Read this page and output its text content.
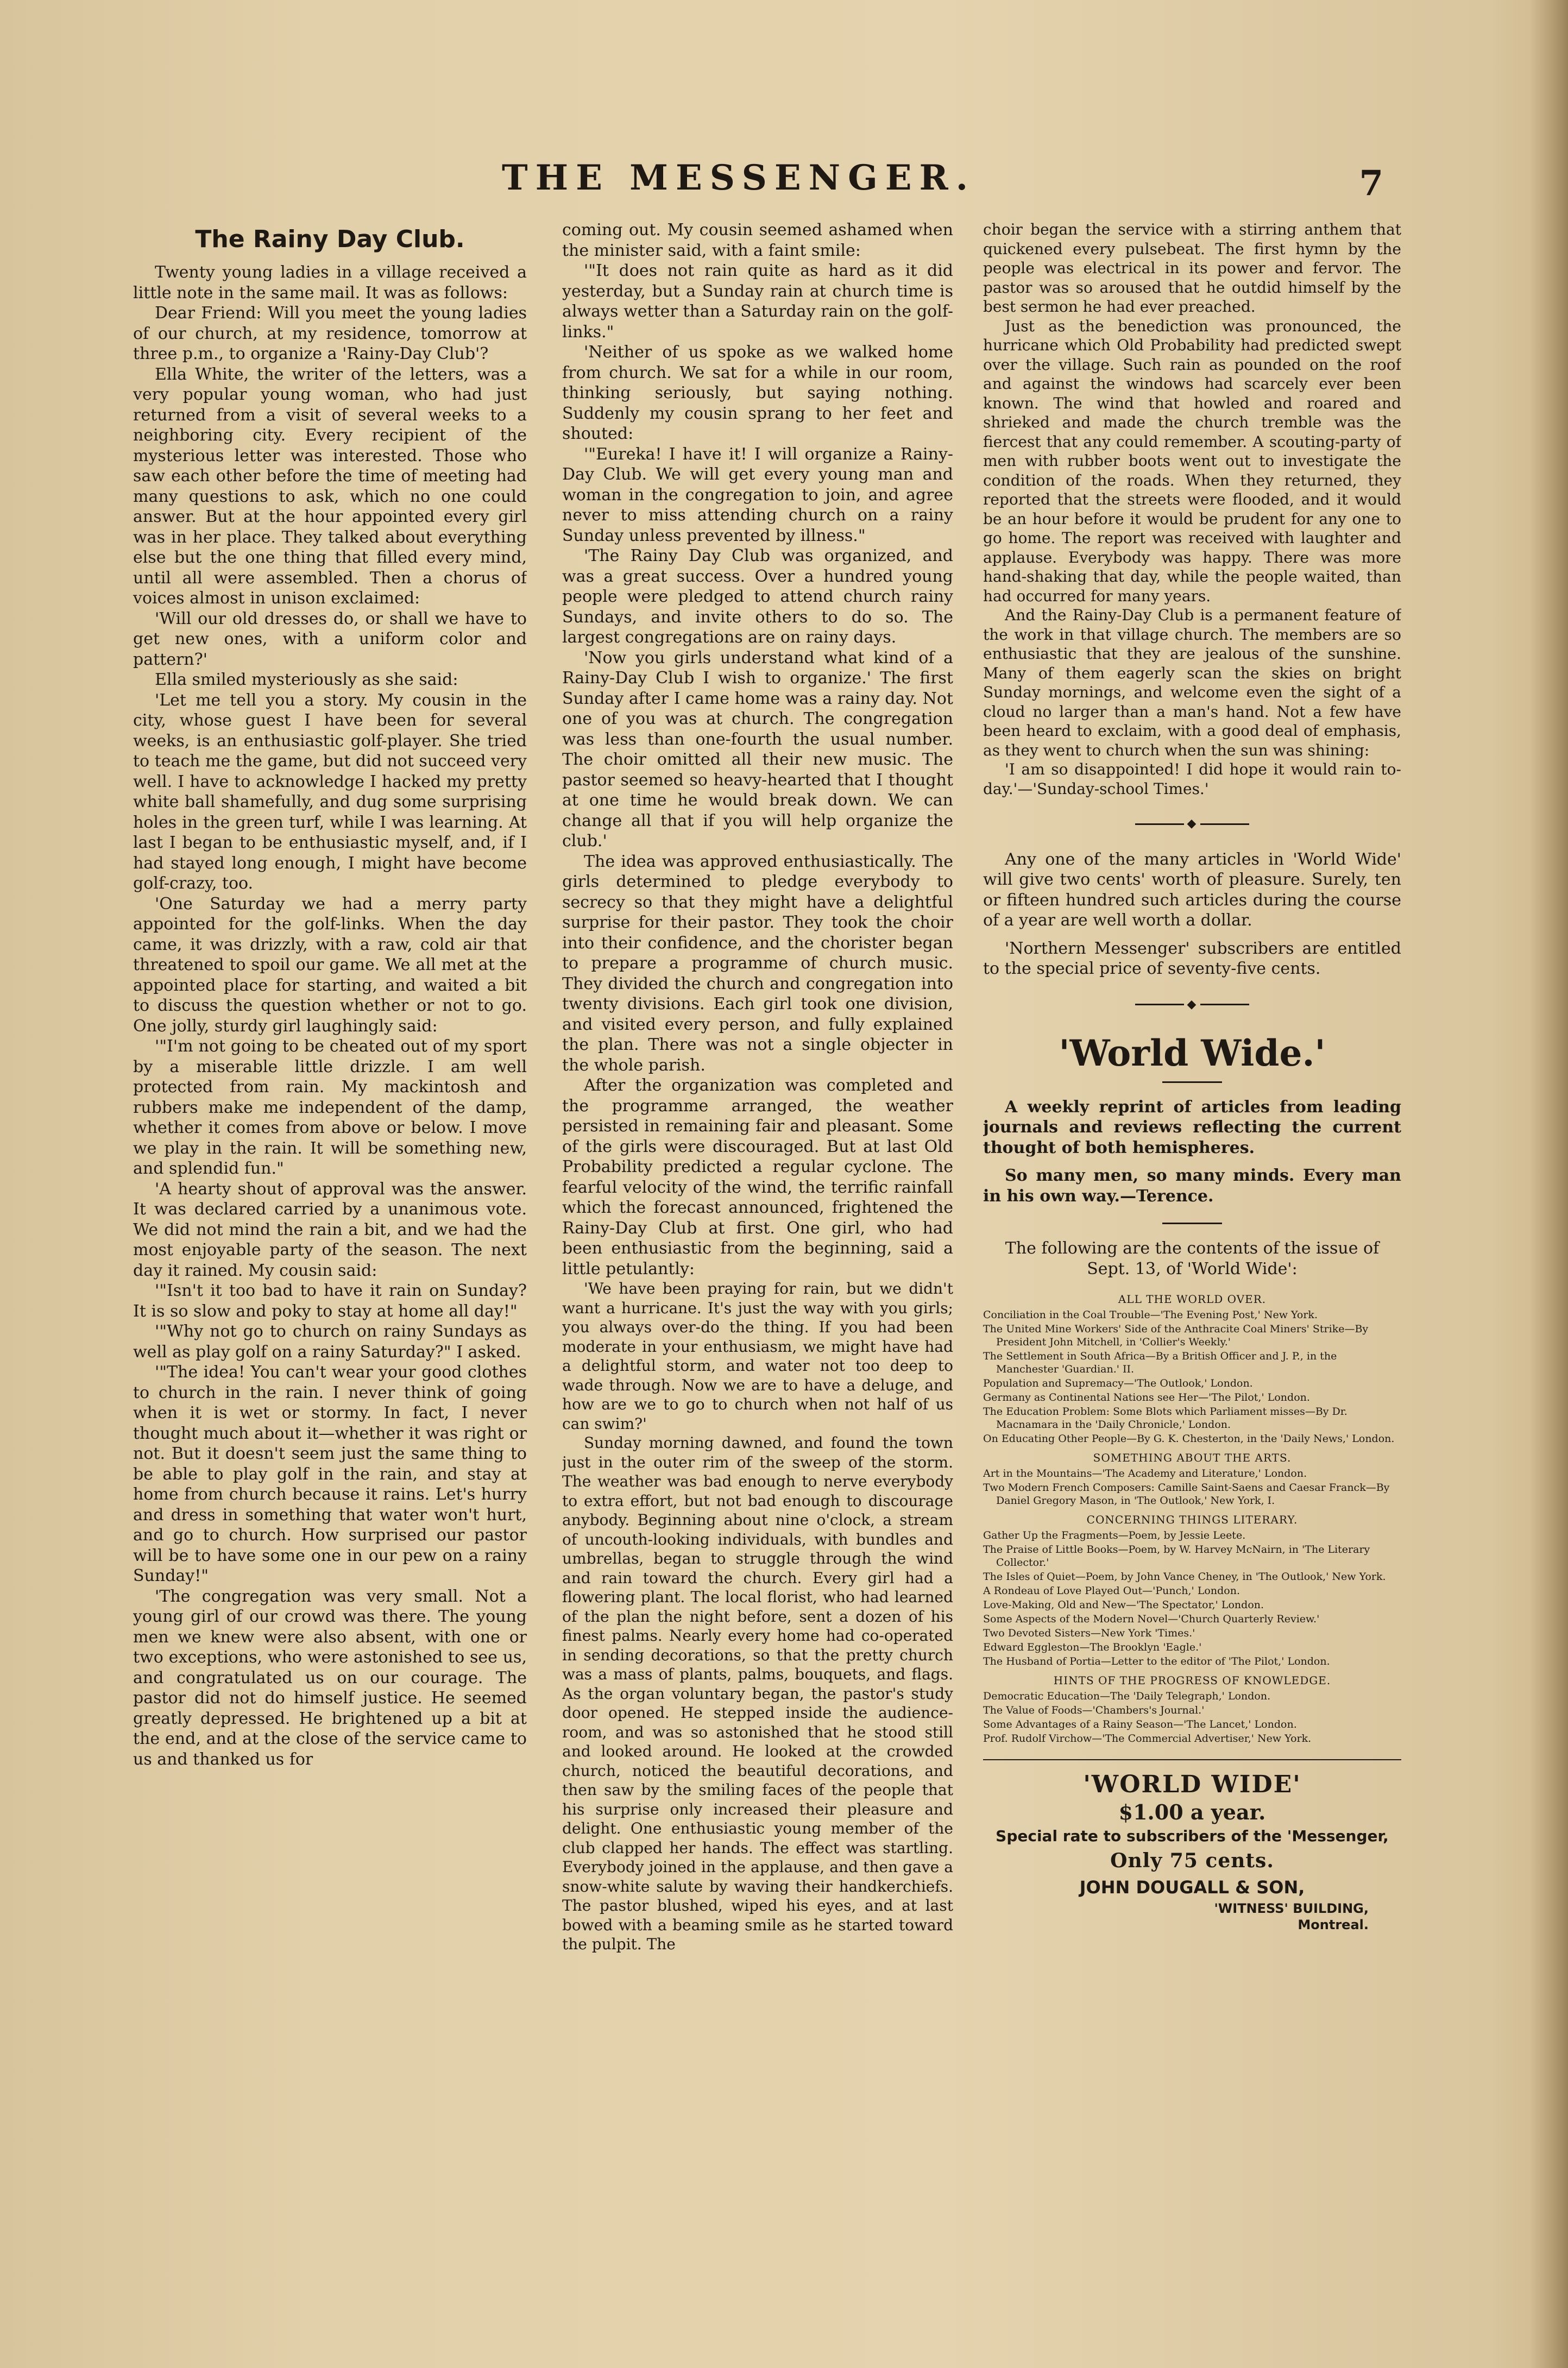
THE MESSENGER.	7
The Rainy Day Club.

Twenty young ladies in a village received a little note in the same mail. It was as follows:

Dear Friend: Will you meet the young ladies of our church, at my residence, tomorrow at three p.m., to organize a 'Rainy-Day Club'?

Ella White, the writer of the letters, was a very popular young woman, who had just returned from a visit of several weeks to a neighboring city. Every recipient of the mysterious letter was interested. Those who saw each other before the time of meeting had many questions to ask, which no one could answer. But at the hour appointed every girl was in her place. They talked about everything else but the one thing that filled every mind, until all were assembled. Then a chorus of voices almost in unison exclaimed:

'Will our old dresses do, or shall we have to get new ones, with a uniform color and pattern?'

Ella smiled mysteriously as she said:

'Let me tell you a story. My cousin in the city, whose guest I have been for several weeks, is an enthusiastic golf-player. She tried to teach me the game, but did not succeed very well. I have to acknowledge I hacked my pretty white ball shamefully, and dug some surprising holes in the green turf, while I was learning. At last I began to be enthusiastic myself, and, if I had stayed long enough, I might have become golf-crazy, too.

'One Saturday we had a merry party appointed for the golf-links. When the day came, it was drizzly, with a raw, cold air that threatened to spoil our game. We all met at the appointed place for starting, and waited a bit to discuss the question whether or not to go. One jolly, sturdy girl laughingly said:

'"I'm not going to be cheated out of my sport by a miserable little drizzle. I am well protected from rain. My mackintosh and rubbers make me independent of the damp, whether it comes from above or below. I move we play in the rain. It will be something new, and splendid fun."

'A hearty shout of approval was the answer. It was declared carried by a unanimous vote. We did not mind the rain a bit, and we had the most enjoyable party of the season. The next day it rained. My cousin said:

'"Isn't it too bad to have it rain on Sunday? It is so slow and poky to stay at home all day!"

'"Why not go to church on rainy Sundays as well as play golf on a rainy Saturday?" I asked.

'"The idea! You can't wear your good clothes to church in the rain. I never think of going when it is wet or stormy. In fact, I never thought much about it—whether it was right or not. But it doesn't seem just the same thing to be able to play golf in the rain, and stay at home from church because it rains. Let's hurry and dress in something that water won't hurt, and go to church. How surprised our pastor will be to have some one in our pew on a rainy Sunday!"

'The congregation was very small. Not a young girl of our crowd was there. The young men we knew were also absent, with one or two exceptions, who were astonished to see us, and congratulated us on our courage. The pastor did not do himself justice. He seemed greatly depressed. He brightened up a bit at the end, and at the close of the service came to us and thanked us for

coming out. My cousin seemed ashamed when the minister said, with a faint smile:

'"It does not rain quite as hard as it did yesterday, but a Sunday rain at church time is always wetter than a Saturday rain on the golf-links."

'Neither of us spoke as we walked home from church. We sat for a while in our room, thinking seriously, but saying nothing. Suddenly my cousin sprang to her feet and shouted:

'"Eureka! I have it! I will organize a Rainy-Day Club. We will get every young man and woman in the congregation to join, and agree never to miss attending church on a rainy Sunday unless prevented by illness."

'The Rainy Day Club was organized, and was a great success. Over a hundred young people were pledged to attend church rainy Sundays, and invite others to do so. The largest congregations are on rainy days.

'Now you girls understand what kind of a Rainy-Day Club I wish to organize.' The first Sunday after I came home was a rainy day. Not one of you was at church. The congregation was less than one-fourth the usual number. The choir omitted all their new music. The pastor seemed so heavy-hearted that I thought at one time he would break down. We can change all that if you will help organize the club.'

The idea was approved enthusiastically. The girls determined to pledge everybody to secrecy so that they might have a delightful surprise for their pastor. They took the choir into their confidence, and the chorister began to prepare a programme of church music. They divided the church and congregation into twenty divisions. Each girl took one division, and visited every person, and fully explained the plan. There was not a single objecter in the whole parish.

After the organization was completed and the programme arranged, the weather persisted in remaining fair and pleasant. Some of the girls were discouraged. But at last Old Probability predicted a regular cyclone. The fearful velocity of the wind, the terrific rainfall which the forecast announced, frightened the Rainy-Day Club at first. One girl, who had been enthusiastic from the beginning, said a little petulantly:

'We have been praying for rain, but we didn't want a hurricane. It's just the way with you girls; you always over-do the thing. If you had been moderate in your enthusiasm, we might have had a delightful storm, and water not too deep to wade through. Now we are to have a deluge, and how are we to go to church when not half of us can swim?'

Sunday morning dawned, and found the town just in the outer rim of the sweep of the storm. The weather was bad enough to nerve everybody to extra effort, but not bad enough to discourage anybody. Beginning about nine o'clock, a stream of uncouth-looking individuals, with bundles and umbrellas, began to struggle through the wind and rain toward the church. Every girl had a flowering plant. The local florist, who had learned of the plan the night before, sent a dozen of his finest palms. Nearly every home had co-operated in sending decorations, so that the pretty church was a mass of plants, palms, bouquets, and flags. As the organ voluntary began, the pastor's study door opened. He stepped inside the audience-room, and was so astonished that he stood still and looked around. He looked at the crowded church, noticed the beautiful decorations, and then saw by the smiling faces of the people that his surprise only increased their pleasure and delight. One enthusiastic young member of the club clapped her hands. The effect was startling. Everybody joined in the applause, and then gave a snow-white salute by waving their handkerchiefs. The pastor blushed, wiped his eyes, and at last bowed with a beaming smile as he started toward the pulpit. The

choir began the service with a stirring anthem that quickened every pulsebeat. The first hymn by the people was electrical in its power and fervor. The pastor was so aroused that he outdid himself by the best sermon he had ever preached.

Just as the benediction was pronounced, the hurricane which Old Probability had predicted swept over the village. Such rain as pounded on the roof and against the windows had scarcely ever been known. The wind that howled and roared and shrieked and made the church tremble was the fiercest that any could remember. A scouting-party of men with rubber boots went out to investigate the condition of the roads. When they returned, they reported that the streets were flooded, and it would be an hour before it would be prudent for any one to go home. The report was received with laughter and applause. Everybody was happy. There was more hand-shaking that day, while the people waited, than had occurred for many years.

And the Rainy-Day Club is a permanent feature of the work in that village church. The members are so enthusiastic that they are jealous of the sunshine. Many of them eagerly scan the skies on bright Sunday mornings, and welcome even the sight of a cloud no larger than a man's hand. Not a few have been heard to exclaim, with a good deal of emphasis, as they went to church when the sun was shining:

'I am so disappointed! I did hope it would rain to-day.'—'Sunday-school Times.'

◆

Any one of the many articles in 'World Wide' will give two cents' worth of pleasure. Surely, ten or fifteen hundred such articles during the course of a year are well worth a dollar.

'Northern Messenger' subscribers are entitled to the special price of seventy-five cents.

◆
'World Wide.'

A weekly reprint of articles from leading journals and reviews reflecting the current thought of both hemispheres.

So many men, so many minds. Every man in his own way.—Terence.

The following are the contents of the issue of Sept. 13, of 'World Wide':

ALL THE WORLD OVER.
Conciliation in the Coal Trouble—'The Evening Post,' New York.
The United Mine Workers' Side of the Anthracite Coal Miners' Strike—By President John Mitchell, in 'Collier's Weekly.'
The Settlement in South Africa—By a British Officer and J. P., in the Manchester 'Guardian.' II.
Population and Supremacy—'The Outlook,' London.
Germany as Continental Nations see Her—'The Pilot,' London.
The Education Problem: Some Blots which Parliament misses—By Dr. Macnamara in the 'Daily Chronicle,' London.
On Educating Other People—By G. K. Chesterton, in the 'Daily News,' London.
SOMETHING ABOUT THE ARTS.
Art in the Mountains—'The Academy and Literature,' London.
Two Modern French Composers: Camille Saint-Saens and Caesar Franck—By Daniel Gregory Mason, in 'The Outlook,' New York, I.
CONCERNING THINGS LITERARY.
Gather Up the Fragments—Poem, by Jessie Leete.
The Praise of Little Books—Poem, by W. Harvey McNairn, in 'The Literary Collector.'
The Isles of Quiet—Poem, by John Vance Cheney, in 'The Outlook,' New York.
A Rondeau of Love Played Out—'Punch,' London.
Love-Making, Old and New—'The Spectator,' London.
Some Aspects of the Modern Novel—'Church Quarterly Review.'
Two Devoted Sisters—New York 'Times.'
Edward Eggleston—The Brooklyn 'Eagle.'
The Husband of Portia—Letter to the editor of 'The Pilot,' London.
HINTS OF THE PROGRESS OF KNOWLEDGE.
Democratic Education—The 'Daily Telegraph,' London.
The Value of Foods—'Chambers's Journal.'
Some Advantages of a Rainy Season—'The Lancet,' London.
Prof. Rudolf Virchow—'The Commercial Advertiser,' New York.
'WORLD WIDE'
$1.00 a year.
Special rate to subscribers of the 'Messenger,
Only 75 cents.
JOHN DOUGALL & SON,
'WITNESS' BUILDING,
Montreal.
